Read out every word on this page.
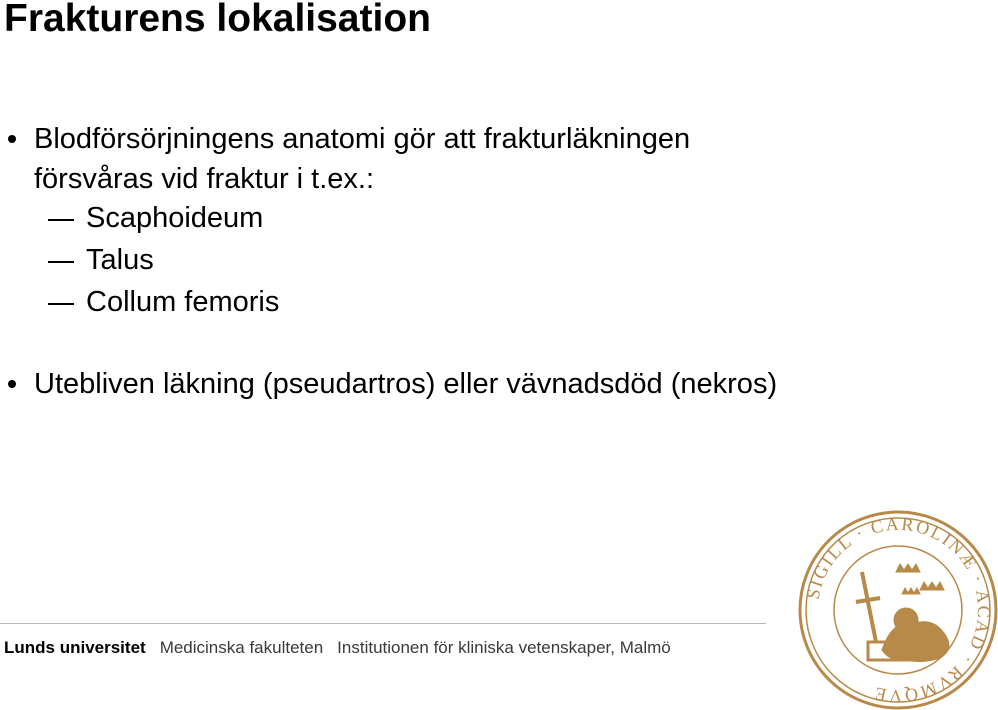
Frakturens lokalisation
Blodförsörjningens anatomi gör att frakturläkningen
försvåras vid fraktur i t.ex.:
Scaphoideum
Talus
Collum femoris
Utebliven läkning (pseudartros) eller vävnadsdöd (nekros)
Lunds universitet Medicinska fakulteten Institutionen för kliniska vetenskaper, Malmö
SIGILL · CAROLINÆ · ACAD · RVMQVE
